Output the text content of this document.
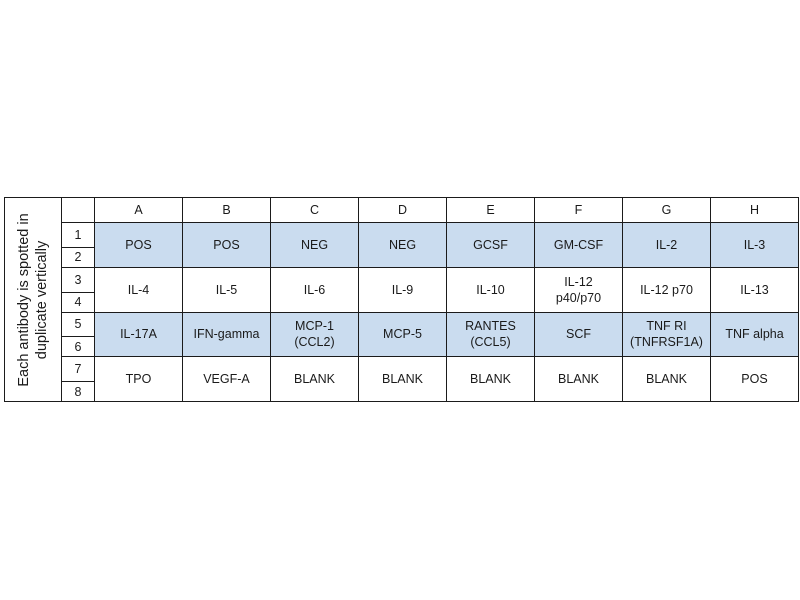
Each antibody is spotted in duplicate vertically		A	B	C	D	E	F	G	H
	1	POS	POS	NEG	NEG	GCSF	GM-CSF	IL-2	IL-3
	2								
	3	IL-4	IL-5	IL-6	IL-9	IL-10	IL-12
p40/p70	IL-12 p70	IL-13
	4								
	5	IL-17A	IFN-gamma	MCP-1
(CCL2)	MCP-5	RANTES
(CCL5)	SCF	TNF RI
(TNFRSF1A)	TNF alpha
	6								
	7	TPO	VEGF-A	BLANK	BLANK	BLANK	BLANK	BLANK	POS
	8								
